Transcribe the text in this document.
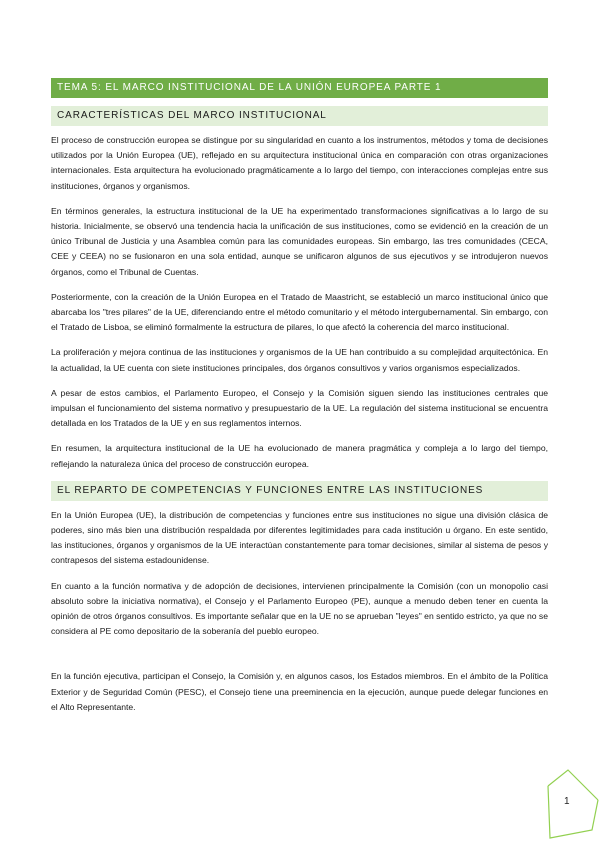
TEMA 5: EL MARCO INSTITUCIONAL DE LA UNIÓN EUROPEA PARTE 1
CARACTERÍSTICAS DEL MARCO INSTITUCIONAL

El proceso de construcción europea se distingue por su singularidad en cuanto a los instrumentos, métodos y toma de decisiones utilizados por la Unión Europea (UE), reflejado en su arquitectura institucional única en comparación con otras organizaciones internacionales. Esta arquitectura ha evolucionado pragmáticamente a lo largo del tiempo, con interacciones complejas entre sus instituciones, órganos y organismos.

En términos generales, la estructura institucional de la UE ha experimentado transformaciones significativas a lo largo de su historia. Inicialmente, se observó una tendencia hacia la unificación de sus instituciones, como se evidenció en la creación de un único Tribunal de Justicia y una Asamblea común para las comunidades europeas. Sin embargo, las tres comunidades (CECA, CEE y CEEA) no se fusionaron en una sola entidad, aunque se unificaron algunos de sus ejecutivos y se introdujeron nuevos órganos, como el Tribunal de Cuentas.

Posteriormente, con la creación de la Unión Europea en el Tratado de Maastricht, se estableció un marco institucional único que abarcaba los "tres pilares" de la UE, diferenciando entre el método comunitario y el método intergubernamental. Sin embargo, con el Tratado de Lisboa, se eliminó formalmente la estructura de pilares, lo que afectó la coherencia del marco institucional.

La proliferación y mejora continua de las instituciones y organismos de la UE han contribuido a su complejidad arquitectónica. En la actualidad, la UE cuenta con siete instituciones principales, dos órganos consultivos y varios organismos especializados.

A pesar de estos cambios, el Parlamento Europeo, el Consejo y la Comisión siguen siendo las instituciones centrales que impulsan el funcionamiento del sistema normativo y presupuestario de la UE. La regulación del sistema institucional se encuentra detallada en los Tratados de la UE y en sus reglamentos internos.

En resumen, la arquitectura institucional de la UE ha evolucionado de manera pragmática y compleja a lo largo del tiempo, reflejando la naturaleza única del proceso de construcción europea.

EL REPARTO DE COMPETENCIAS Y FUNCIONES ENTRE LAS INSTITUCIONES

En la Unión Europea (UE), la distribución de competencias y funciones entre sus instituciones no sigue una división clásica de poderes, sino más bien una distribución respaldada por diferentes legitimidades para cada institución u órgano. En este sentido, las instituciones, órganos y organismos de la UE interactúan constantemente para tomar decisiones, similar al sistema de pesos y contrapesos del sistema estadounidense.

En cuanto a la función normativa y de adopción de decisiones, intervienen principalmente la Comisión (con un monopolio casi absoluto sobre la iniciativa normativa), el Consejo y el Parlamento Europeo (PE), aunque a menudo deben tener en cuenta la opinión de otros órganos consultivos. Es importante señalar que en la UE no se aprueban "leyes" en sentido estricto, ya que no se considera al PE como depositario de la soberanía del pueblo europeo.

En la función ejecutiva, participan el Consejo, la Comisión y, en algunos casos, los Estados miembros. En el ámbito de la Política Exterior y de Seguridad Común (PESC), el Consejo tiene una preeminencia en la ejecución, aunque puede delegar funciones en el Alto Representante.

1
